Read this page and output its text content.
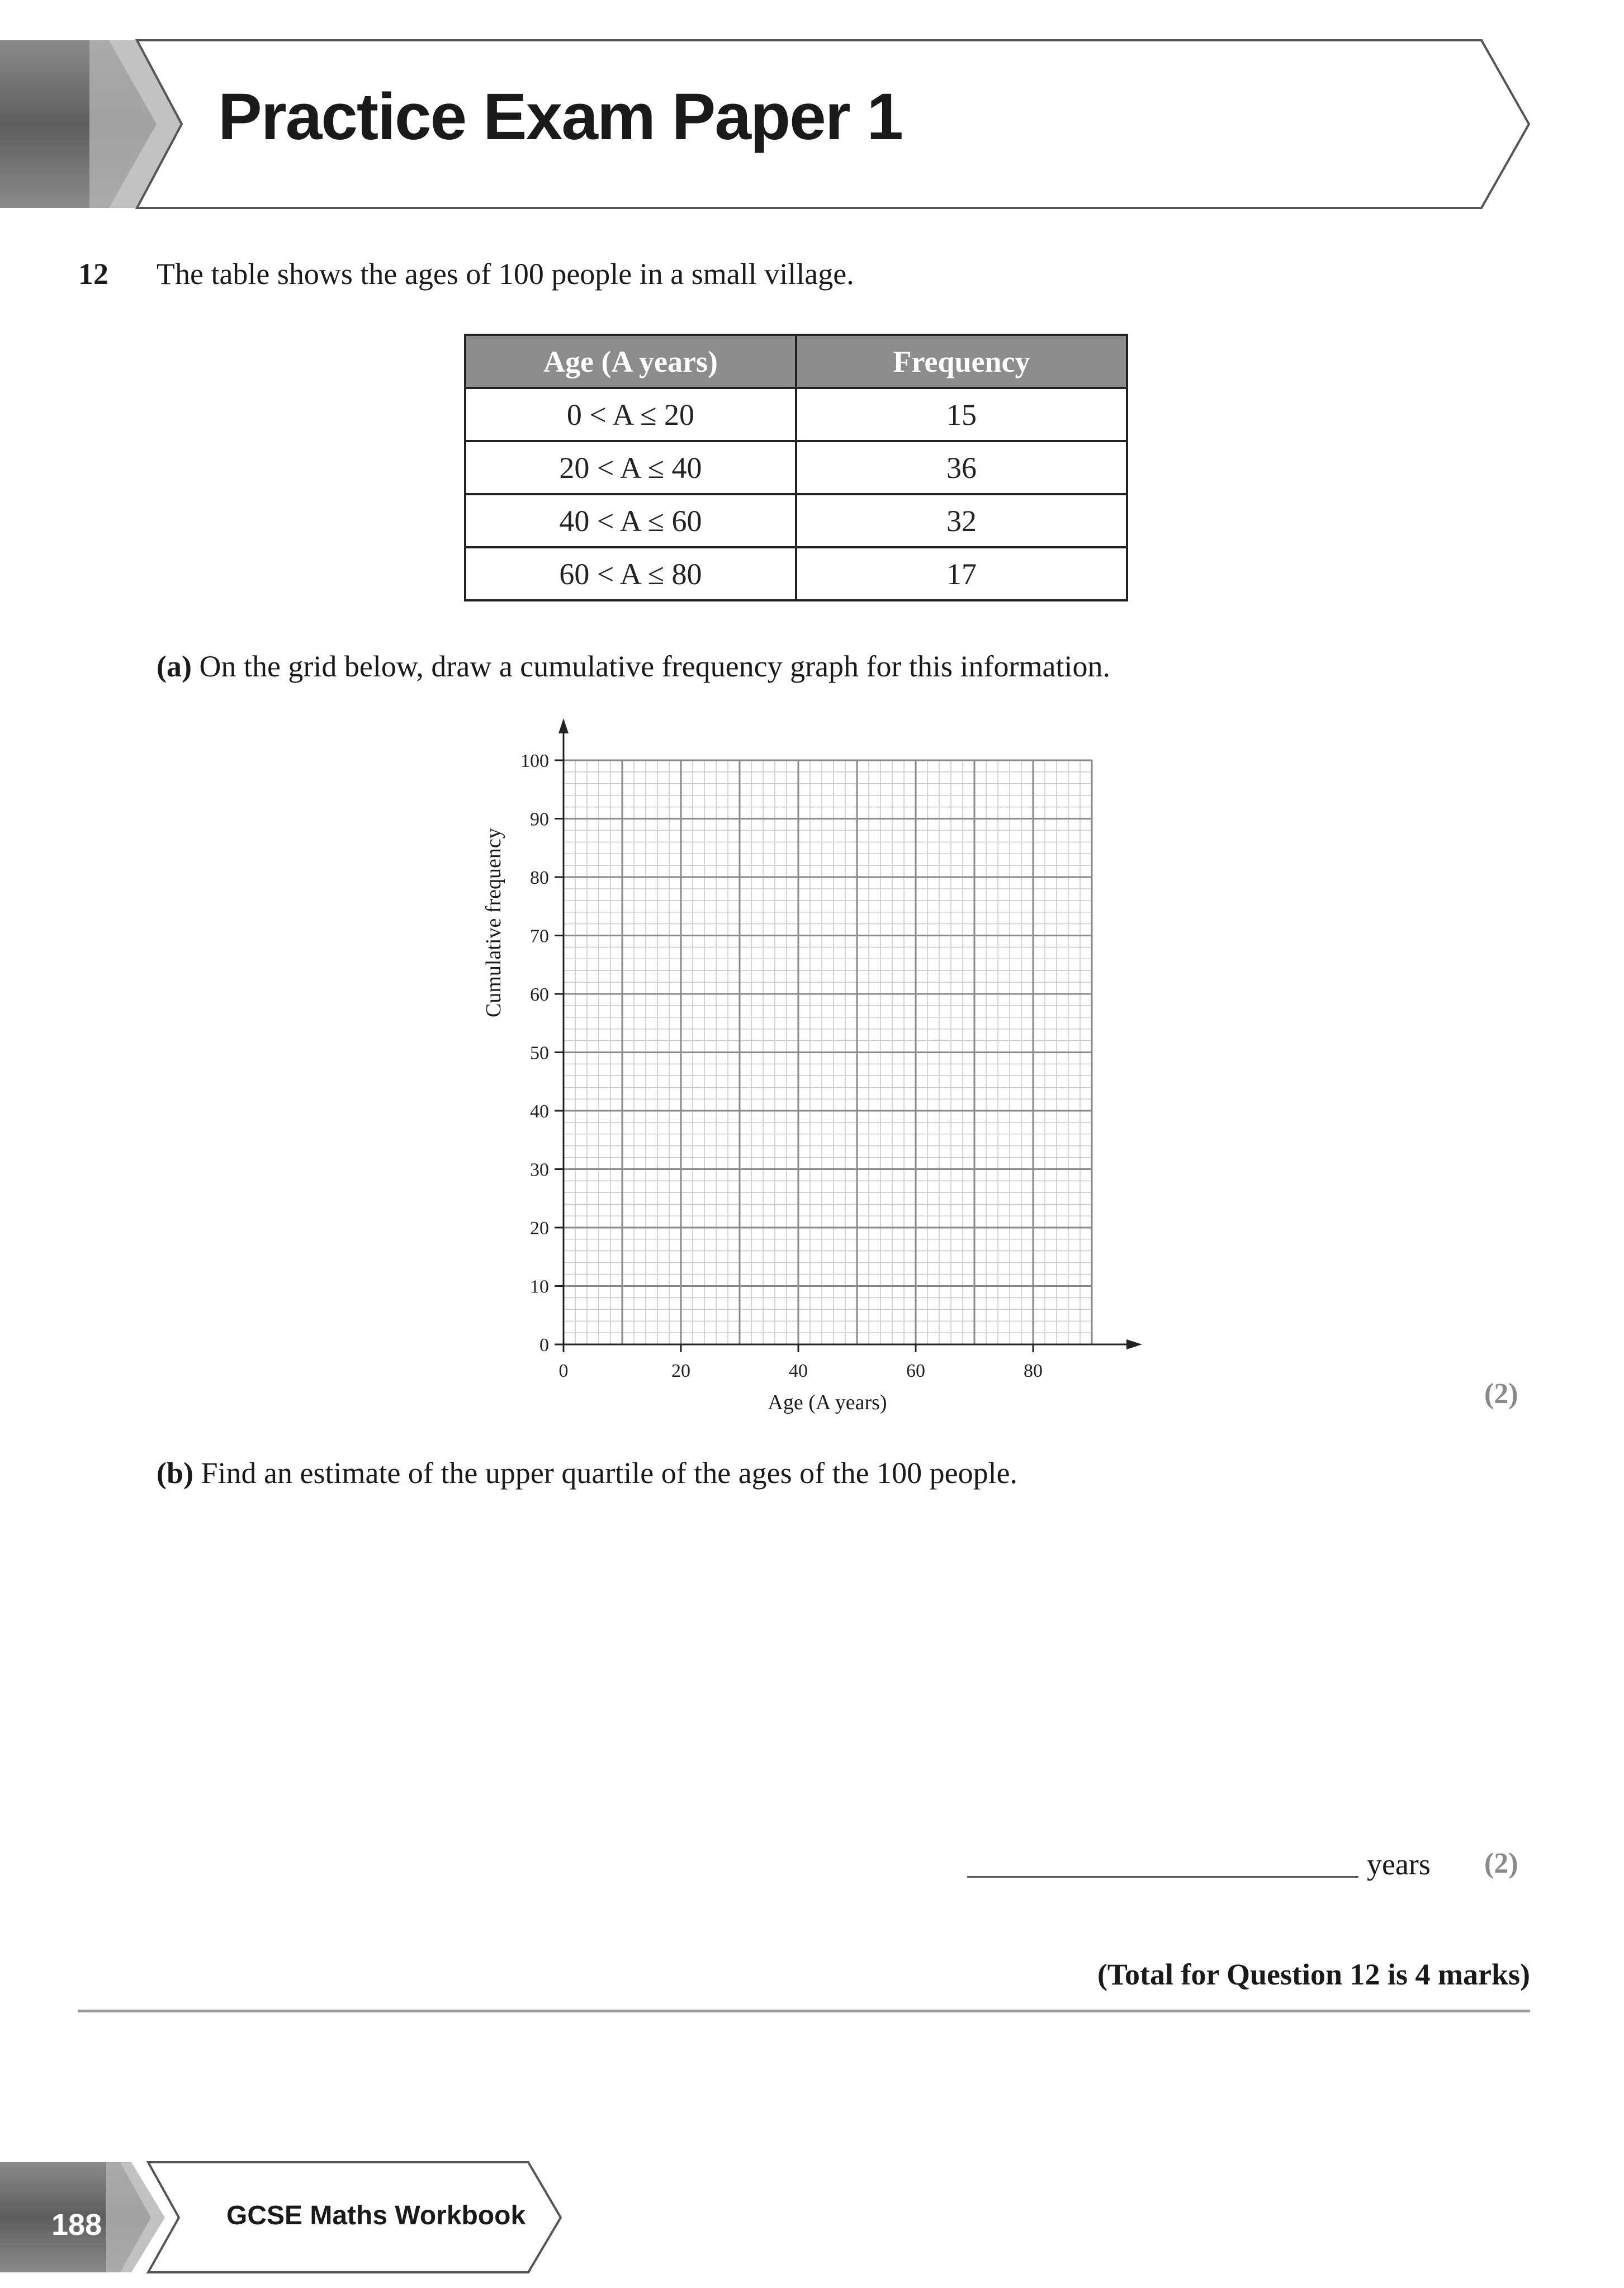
Practice Exam Paper 1
12 The table shows the ages of 100 people in a small village.
Age (A years)	Frequency
0 < A ≤ 20	15
20 < A ≤ 40	36
40 < A ≤ 60	32
60 < A ≤ 80	17
(a) On the grid below, draw a cumulative frequency graph for this information.
0
10
20
30
40
50
60
70
80
90
100
0	20	40	60	80
Age (A years)
Cumulative frequency
(2)
(b) Find an estimate of the upper quartile of the ages of the 100 people.
years (2)
(Total for Question 12 is 4 marks)
188	GCSE Maths Workbook
